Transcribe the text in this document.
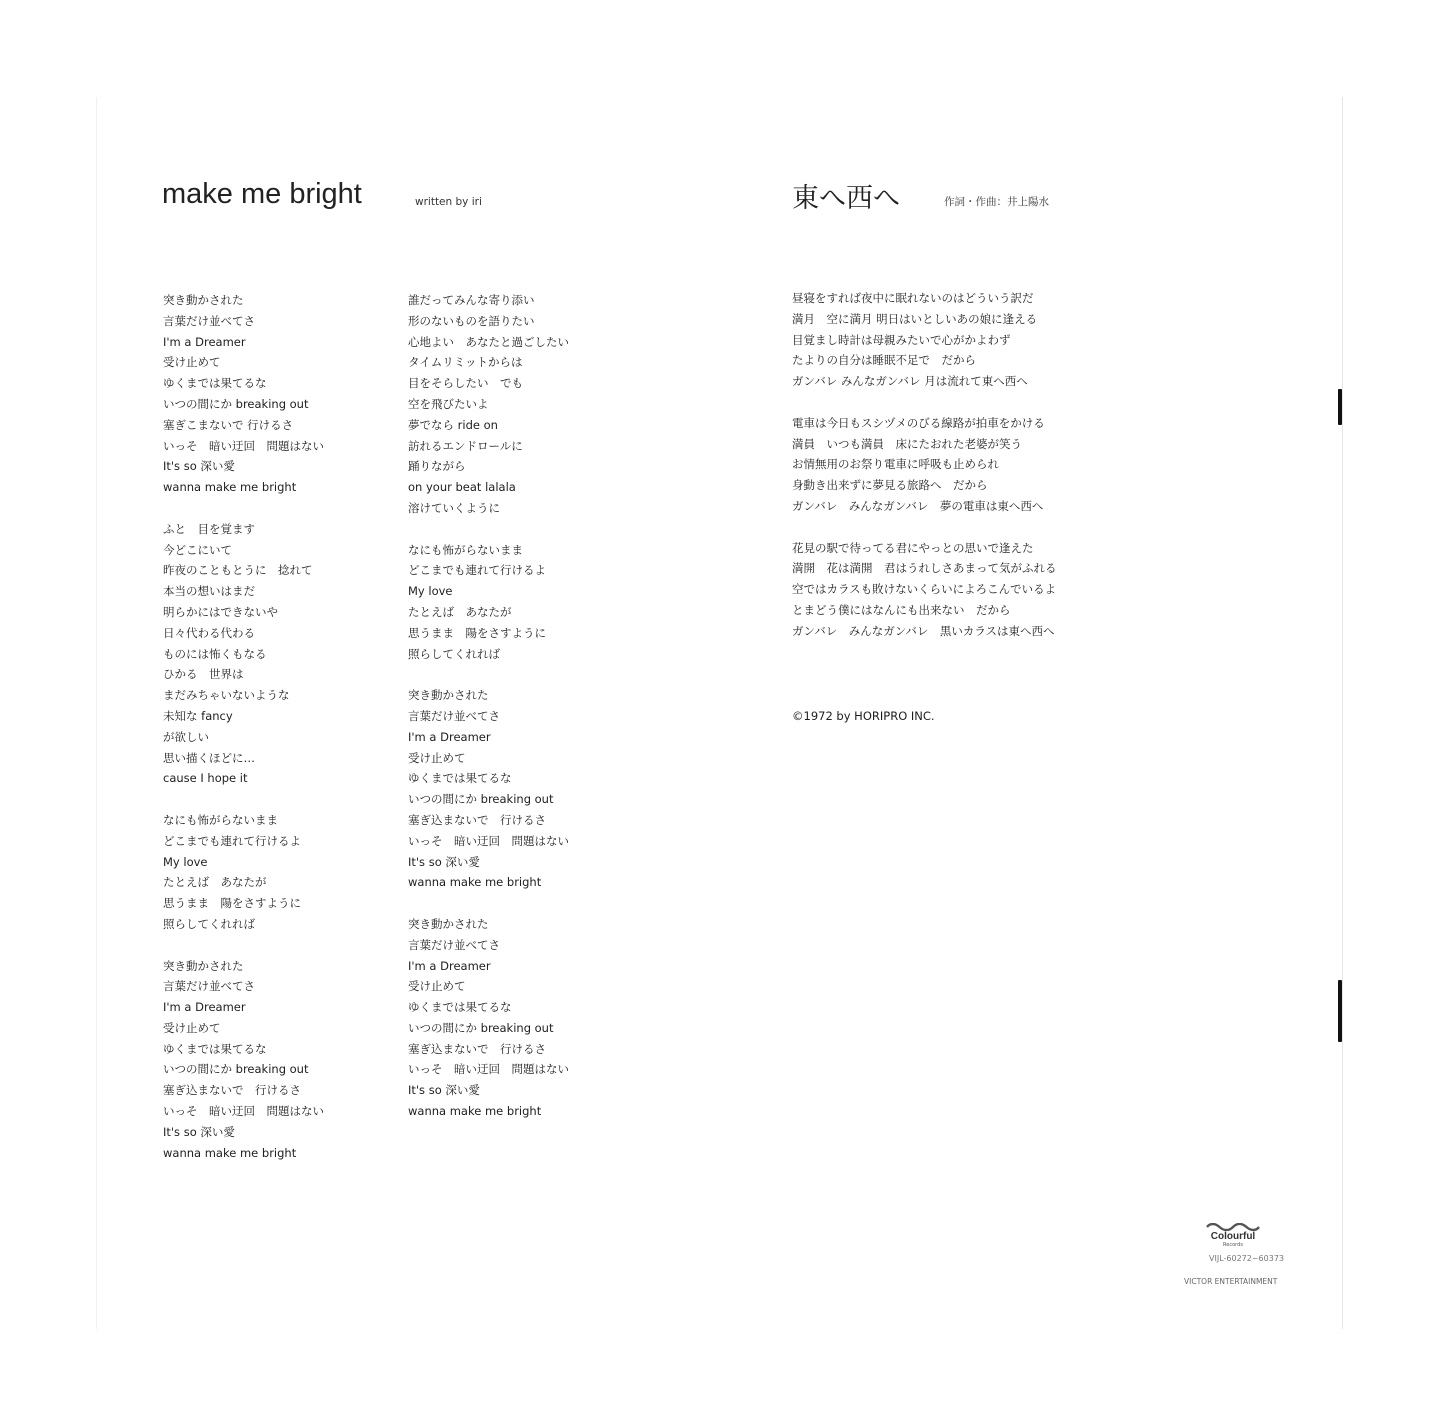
make me bright	written by iri	東へ西へ	作詞・作曲：井上陽水
突き動かされた
言葉だけ並べてさ
I'm a Dreamer
受け止めて
ゆくまでは果てるな
いつの間にか breaking out
塞ぎこまないで 行けるさ
いっそ　暗い迂回　問題はない
It's so 深い愛
wanna make me bright
ふと　目を覚ます
今どこにいて
昨夜のこともとうに　捻れて
本当の想いはまだ
明らかにはできないや
日々代わる代わる
ものには怖くもなる
ひかる　世界は
まだみちゃいないような
未知な fancy
が欲しい
思い描くほどに…
cause I hope it
なにも怖がらないまま
どこまでも連れて行けるよ
My love
たとえば　あなたが
思うまま　陽をさすように
照らしてくれれば
突き動かされた
言葉だけ並べてさ
I'm a Dreamer
受け止めて
ゆくまでは果てるな
いつの間にか breaking out
塞ぎ込まないで　行けるさ
いっそ　暗い迂回　問題はない
It's so 深い愛
wanna make me bright
誰だってみんな寄り添い
形のないものを語りたい
心地よい　あなたと過ごしたい
タイムリミットからは
目をそらしたい　でも
空を飛びたいよ
夢でなら ride on
訪れるエンドロールに
踊りながら
on your beat lalala
溶けていくように
なにも怖がらないまま
どこまでも連れて行けるよ
My love
たとえば　あなたが
思うまま　陽をさすように
照らしてくれれば
突き動かされた
言葉だけ並べてさ
I'm a Dreamer
受け止めて
ゆくまでは果てるな
いつの間にか breaking out
塞ぎ込まないで　行けるさ
いっそ　暗い迂回　問題はない
It's so 深い愛
wanna make me bright
突き動かされた
言葉だけ並べてさ
I'm a Dreamer
受け止めて
ゆくまでは果てるな
いつの間にか breaking out
塞ぎ込まないで　行けるさ
いっそ　暗い迂回　問題はない
It's so 深い愛
wanna make me bright
昼寝をすれば夜中に眠れないのはどういう訳だ
満月　空に満月 明日はいとしいあの娘に逢える
目覚まし時計は母親みたいで心がかよわず
たよりの自分は睡眠不足で　だから
ガンバレ みんなガンバレ 月は流れて東へ西へ
電車は今日もスシヅメのびる線路が拍車をかける
満員　いつも満員　床にたおれた老婆が笑う
お情無用のお祭り電車に呼吸も止められ
身動き出来ずに夢見る旅路へ　だから
ガンバレ　みんなガンバレ　夢の電車は東へ西へ
花見の駅で待ってる君にやっとの思いで逢えた
満開　花は満開　君はうれしさあまって気がふれる
空ではカラスも敗けないくらいによろこんでいるよ
とまどう僕にはなんにも出来ない　だから
ガンバレ　みんなガンバレ　黒いカラスは東へ西へ
©1972 by HORIPRO INC.
Colourful
Records
VIJL-60272~60373
VICTOR ENTERTAINMENT
